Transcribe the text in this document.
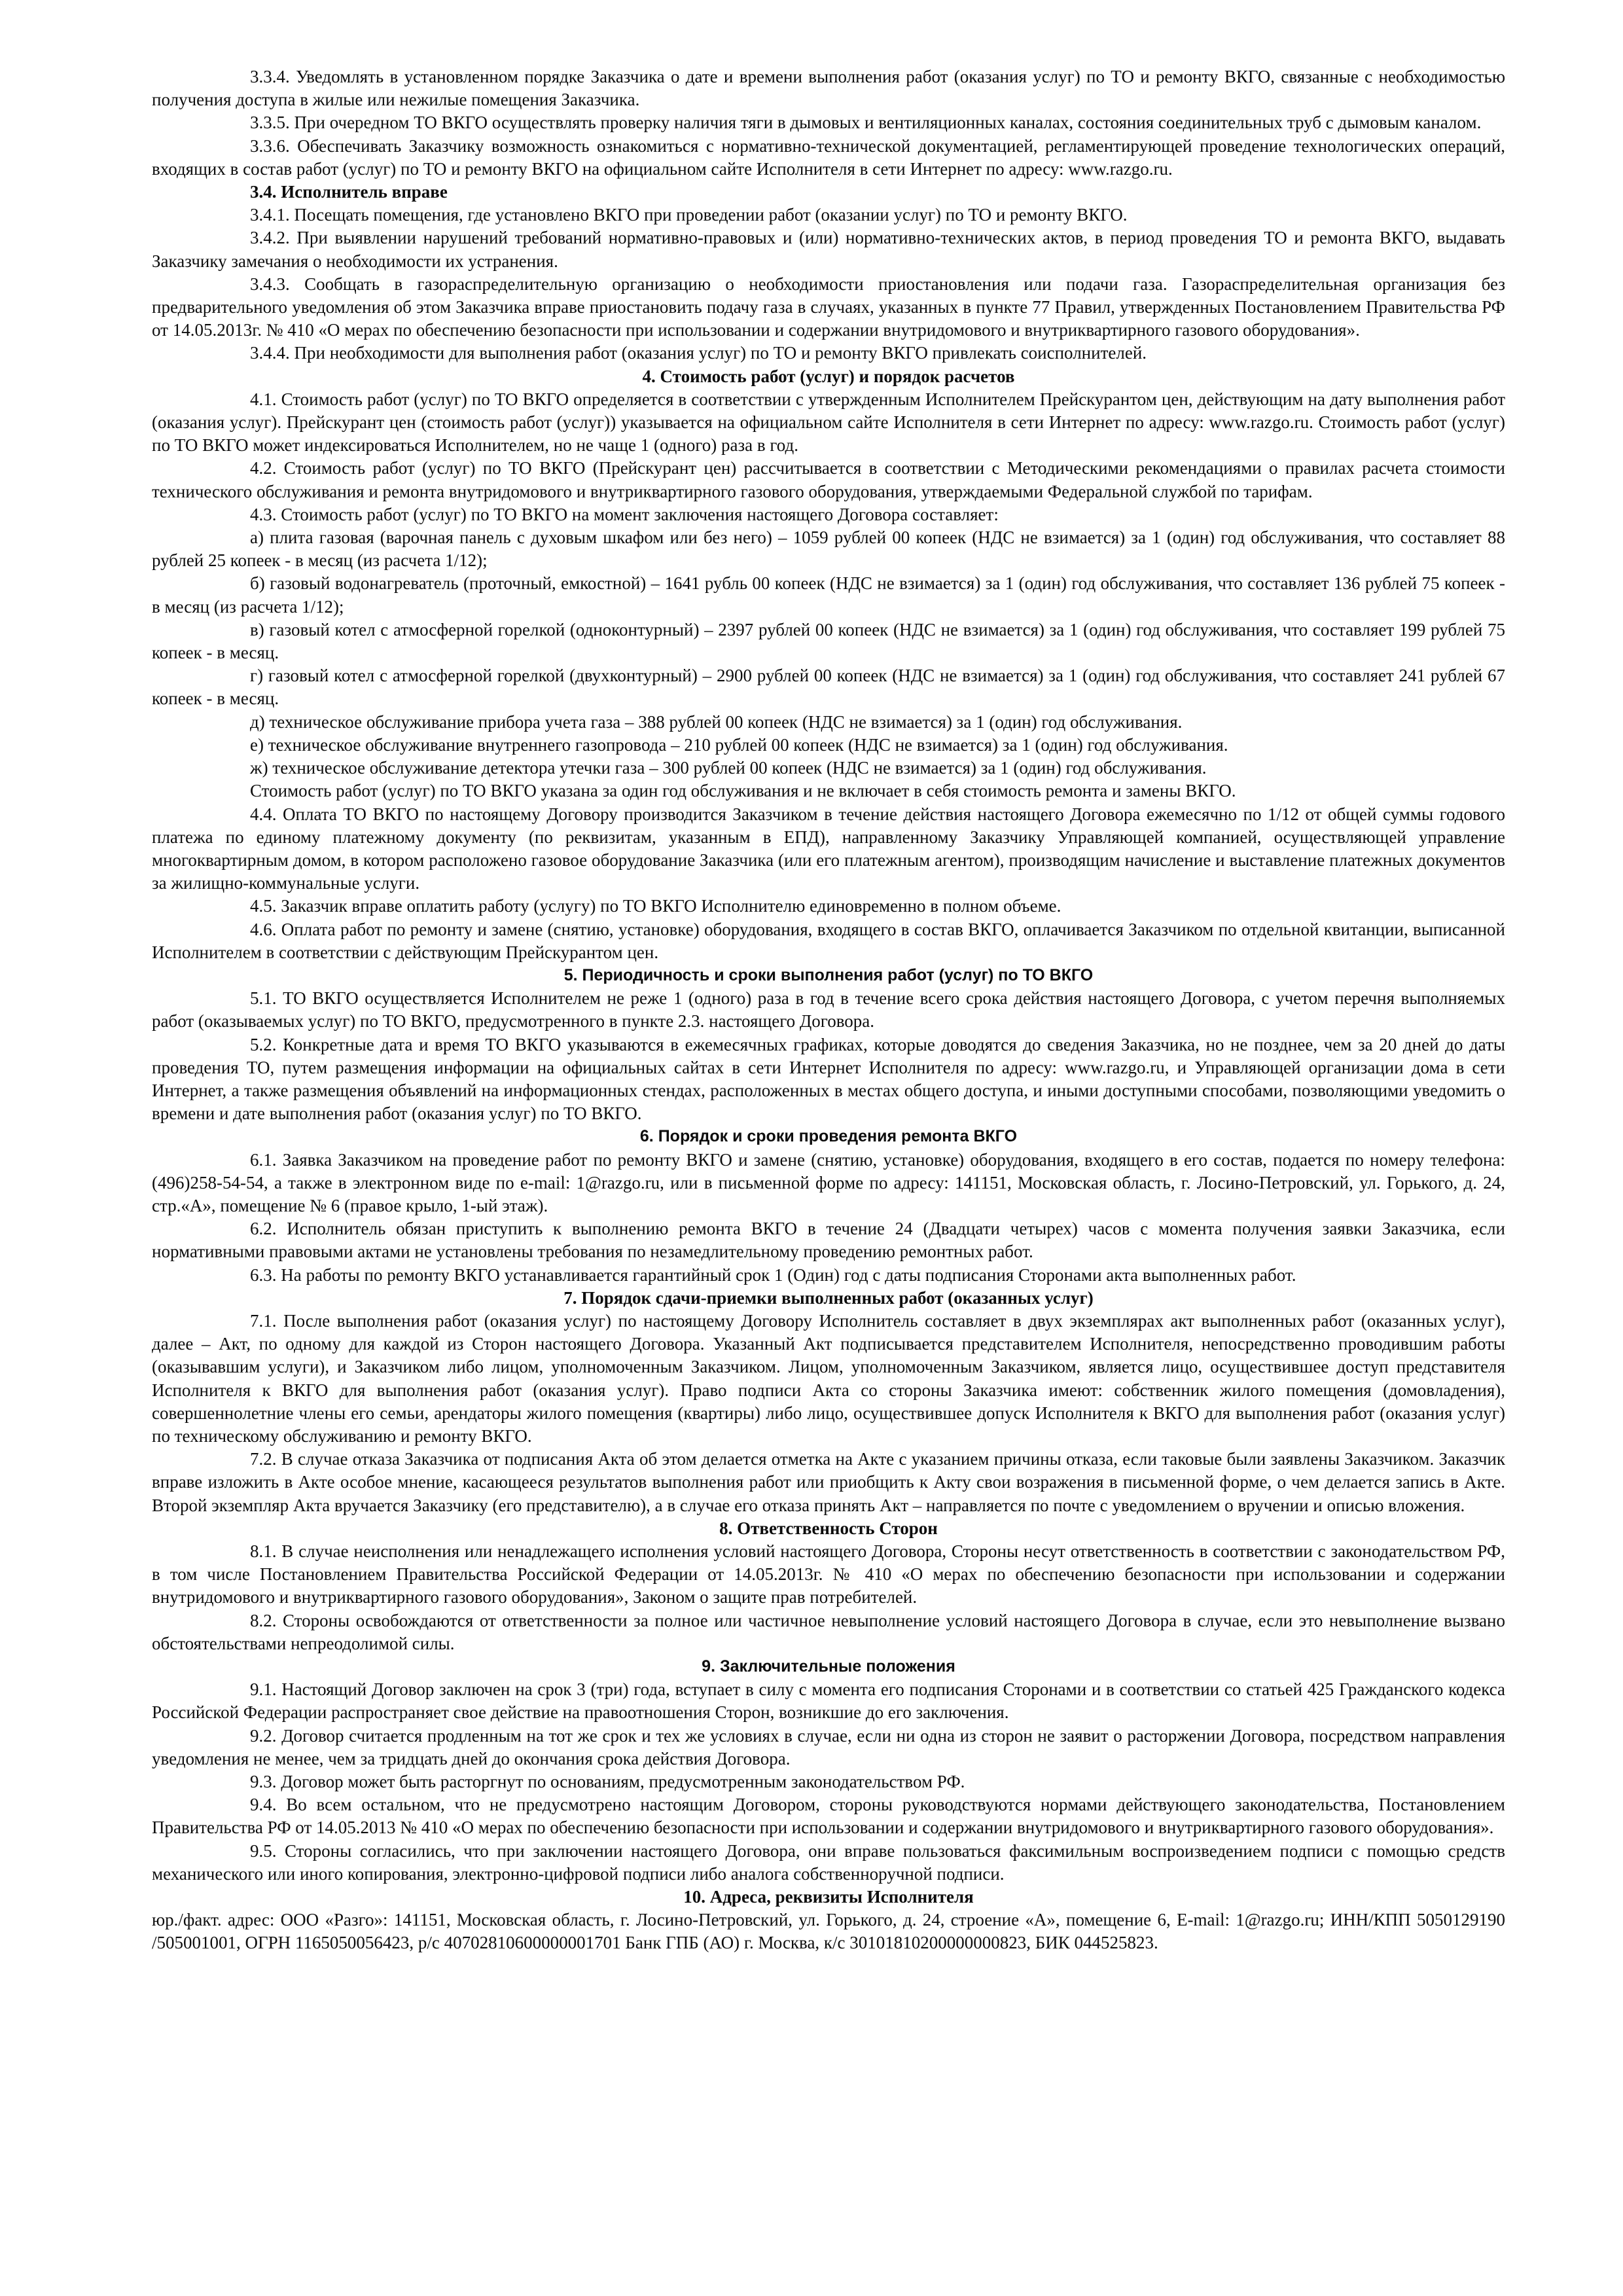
3.3.4. Уведомлять в установленном порядке Заказчика о дате и времени выполнения работ (оказания услуг) по ТО и ремонту ВКГО, связанные с необходимостью получения доступа в жилые или нежилые помещения Заказчика.

3.3.5. При очередном ТО ВКГО осуществлять проверку наличия тяги в дымовых и вентиляционных каналах, состояния соединительных труб с дымовым каналом.

3.3.6. Обеспечивать Заказчику возможность ознакомиться с нормативно-технической документацией, регламентирующей проведение технологических операций, входящих в состав работ (услуг) по ТО и ремонту ВКГО на официальном сайте Исполнителя в сети Интернет по адресу: www.razgo.ru.

3.4. Исполнитель вправе

3.4.1. Посещать помещения, где установлено ВКГО при проведении работ (оказании услуг) по ТО и ремонту ВКГО.

3.4.2. При выявлении нарушений требований нормативно-правовых и (или) нормативно-технических актов, в период проведения ТО и ремонта ВКГО, выдавать Заказчику замечания о необходимости их устранения.

3.4.3. Сообщать в газораспределительную организацию о необходимости приостановления или подачи газа. Газораспределительная организация без предварительного уведомления об этом Заказчика вправе приостановить подачу газа в случаях, указанных в пункте 77 Правил, утвержденных Постановлением Правительства РФ от 14.05.2013г. № 410 «О мерах по обеспечению безопасности при использовании и содержании внутридомового и внутриквартирного газового оборудования».

3.4.4. При необходимости для выполнения работ (оказания услуг) по ТО и ремонту ВКГО привлекать соисполнителей.

4. Стоимость работ (услуг) и порядок расчетов

4.1. Стоимость работ (услуг) по ТО ВКГО определяется в соответствии с утвержденным Исполнителем Прейскурантом цен, действующим на дату выполнения работ (оказания услуг). Прейскурант цен (стоимость работ (услуг)) указывается на официальном сайте Исполнителя в сети Интернет по адресу: www.razgo.ru. Стоимость работ (услуг) по ТО ВКГО может индексироваться Исполнителем, но не чаще 1 (одного) раза в год.

4.2. Стоимость работ (услуг) по ТО ВКГО (Прейскурант цен) рассчитывается в соответствии с Методическими рекомендациями о правилах расчета стоимости технического обслуживания и ремонта внутридомового и внутриквартирного газового оборудования, утверждаемыми Федеральной службой по тарифам.

4.3. Стоимость работ (услуг) по ТО ВКГО на момент заключения настоящего Договора составляет:

а) плита газовая (варочная панель с духовым шкафом или без него) – 1059 рублей 00 копеек (НДС не взимается) за 1 (один) год обслуживания, что составляет 88 рублей 25 копеек - в месяц (из расчета 1/12);

б) газовый водонагреватель (проточный, емкостной) – 1641 рубль 00 копеек (НДС не взимается) за 1 (один) год обслуживания, что составляет 136 рублей 75 копеек - в месяц (из расчета 1/12);

в) газовый котел с атмосферной горелкой (одноконтурный) – 2397 рублей 00 копеек (НДС не взимается) за 1 (один) год обслуживания, что составляет 199 рублей 75 копеек - в месяц.

г) газовый котел с атмосферной горелкой (двухконтурный) – 2900 рублей 00 копеек (НДС не взимается) за 1 (один) год обслуживания, что составляет 241 рублей 67 копеек - в месяц.

д) техническое обслуживание прибора учета газа – 388 рублей 00 копеек (НДС не взимается) за 1 (один) год обслуживания.

е) техническое обслуживание внутреннего газопровода – 210 рублей 00 копеек (НДС не взимается) за 1 (один) год обслуживания.

ж) техническое обслуживание детектора утечки газа – 300 рублей 00 копеек (НДС не взимается) за 1 (один) год обслуживания.

Стоимость работ (услуг) по ТО ВКГО указана за один год обслуживания и не включает в себя стоимость ремонта и замены ВКГО.

4.4. Оплата ТО ВКГО по настоящему Договору производится Заказчиком в течение действия настоящего Договора ежемесячно по 1/12 от общей суммы годового платежа по единому платежному документу (по реквизитам, указанным в ЕПД), направленному Заказчику Управляющей компанией, осуществляющей управление многоквартирным домом, в котором расположено газовое оборудование Заказчика (или его платежным агентом), производящим начисление и выставление платежных документов за жилищно-коммунальные услуги.

4.5. Заказчик вправе оплатить работу (услугу) по ТО ВКГО Исполнителю единовременно в полном объеме.

4.6. Оплата работ по ремонту и замене (снятию, установке) оборудования, входящего в состав ВКГО, оплачивается Заказчиком по отдельной квитанции, выписанной Исполнителем в соответствии с действующим Прейскурантом цен.

5. Периодичность и сроки выполнения работ (услуг) по ТО ВКГО

5.1. ТО ВКГО осуществляется Исполнителем не реже 1 (одного) раза в год в течение всего срока действия настоящего Договора, с учетом перечня выполняемых работ (оказываемых услуг) по ТО ВКГО, предусмотренного в пункте 2.3. настоящего Договора.

5.2. Конкретные дата и время ТО ВКГО указываются в ежемесячных графиках, которые доводятся до сведения Заказчика, но не позднее, чем за 20 дней до даты проведения ТО, путем размещения информации на официальных сайтах в сети Интернет Исполнителя по адресу: www.razgo.ru, и Управляющей организации дома в сети Интернет, а также размещения объявлений на информационных стендах, расположенных в местах общего доступа, и иными доступными способами, позволяющими уведомить о времени и дате выполнения работ (оказания услуг) по ТО ВКГО.

6. Порядок и сроки проведения ремонта ВКГО

6.1. Заявка Заказчиком на проведение работ по ремонту ВКГО и замене (снятию, установке) оборудования, входящего в его состав, подается по номеру телефона: (496)258-54-54, а также в электронном виде по e-mail: 1@razgo.ru, или в письменной форме по адресу: 141151, Московская область, г. Лосино-Петровский, ул. Горького, д. 24, стр.«А», помещение № 6 (правое крыло, 1-ый этаж).

6.2. Исполнитель обязан приступить к выполнению ремонта ВКГО в течение 24 (Двадцати четырех) часов с момента получения заявки Заказчика, если нормативными правовыми актами не установлены требования по незамедлительному проведению ремонтных работ.

6.3. На работы по ремонту ВКГО устанавливается гарантийный срок 1 (Один) год с даты подписания Сторонами акта выполненных работ.

7. Порядок сдачи-приемки выполненных работ (оказанных услуг)

7.1. После выполнения работ (оказания услуг) по настоящему Договору Исполнитель составляет в двух экземплярах акт выполненных работ (оказанных услуг), далее – Акт, по одному для каждой из Сторон настоящего Договора. Указанный Акт подписывается представителем Исполнителя, непосредственно проводившим работы (оказывавшим услуги), и Заказчиком либо лицом, уполномоченным Заказчиком. Лицом, уполномоченным Заказчиком, является лицо, осуществившее доступ представителя Исполнителя к ВКГО для выполнения работ (оказания услуг). Право подписи Акта со стороны Заказчика имеют: собственник жилого помещения (домовладения), совершеннолетние члены его семьи, арендаторы жилого помещения (квартиры) либо лицо, осуществившее допуск Исполнителя к ВКГО для выполнения работ (оказания услуг) по техническому обслуживанию и ремонту ВКГО.

7.2. В случае отказа Заказчика от подписания Акта об этом делается отметка на Акте с указанием причины отказа, если таковые были заявлены Заказчиком. Заказчик вправе изложить в Акте особое мнение, касающееся результатов выполнения работ или приобщить к Акту свои возражения в письменной форме, о чем делается запись в Акте. Второй экземпляр Акта вручается Заказчику (его представителю), а в случае его отказа принять Акт – направляется по почте с уведомлением о вручении и описью вложения.

8. Ответственность Сторон

8.1. В случае неисполнения или ненадлежащего исполнения условий настоящего Договора, Стороны несут ответственность в соответствии с законодательством РФ, в том числе Постановлением Правительства Российской Федерации от 14.05.2013г. № 410 «О мерах по обеспечению безопасности при использовании и содержании внутридомового и внутриквартирного газового оборудования», Законом о защите прав потребителей.

8.2. Стороны освобождаются от ответственности за полное или частичное невыполнение условий настоящего Договора в случае, если это невыполнение вызвано обстоятельствами непреодолимой силы.

9. Заключительные положения

9.1. Настоящий Договор заключен на срок 3 (три) года, вступает в силу с момента его подписания Сторонами и в соответствии со статьей 425 Гражданского кодекса Российской Федерации распространяет свое действие на правоотношения Сторон, возникшие до его заключения.

9.2. Договор считается продленным на тот же срок и тех же условиях в случае, если ни одна из сторон не заявит о расторжении Договора, посредством направления уведомления не менее, чем за тридцать дней до окончания срока действия Договора.

9.3. Договор может быть расторгнут по основаниям, предусмотренным законодательством РФ.

9.4. Во всем остальном, что не предусмотрено настоящим Договором, стороны руководствуются нормами действующего законодательства, Постановлением Правительства РФ от 14.05.2013 № 410 «О мерах по обеспечению безопасности при использовании и содержании внутридомового и внутриквартирного газового оборудования».

9.5. Стороны согласились, что при заключении настоящего Договора, они вправе пользоваться факсимильным воспроизведением подписи с помощью средств механического или иного копирования, электронно-цифровой подписи либо аналога собственноручной подписи.

10. Адреса, реквизиты Исполнителя

юр./факт. адрес: ООО «Разго»: 141151, Московская область, г. Лосино-Петровский, ул. Горького, д. 24, строение «А», помещение 6, E-mail: 1@razgo.ru; ИНН/КПП 5050129190 /505001001, ОГРН 1165050056423, р/с 40702810600000001701 Банк ГПБ (АО) г. Москва, к/с 30101810200000000823, БИК 044525823.
